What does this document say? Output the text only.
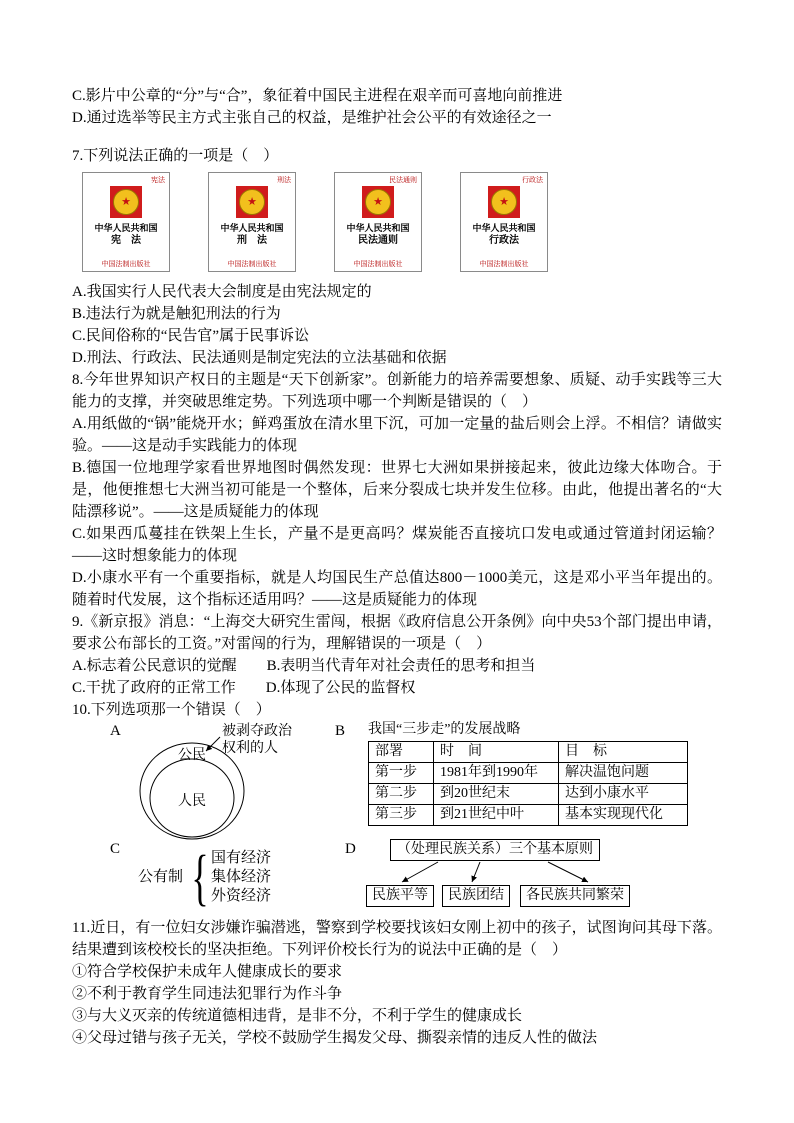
C.影片中公章的“分”与“合”，象征着中国民主进程在艰辛而可喜地向前推进

D.通过选举等民主方式主张自己的权益，是维护社会公平的有效途径之一

7.下列说法正确的一项是（　）

宪法
★
中华人民共和国
宪　法
中国法制出版社
刑法
★
中华人民共和国
刑　法
中国法制出版社
民法通则
★
中华人民共和国
民法通则
中国法制出版社
行政法
★
中华人民共和国
行政法
中国法制出版社

A.我国实行人民代表大会制度是由宪法规定的

B.违法行为就是触犯刑法的行为

C.民间俗称的“民告官”属于民事诉讼

D.刑法、行政法、民法通则是制定宪法的立法基础和依据

8.今年世界知识产权日的主题是“天下创新家”。创新能力的培养需要想象、质疑、动手实践等三大能力的支撑，并突破思维定势。下列选项中哪一个判断是错误的（　）

A.用纸做的“锅”能烧开水；鲜鸡蛋放在清水里下沉，可加一定量的盐后则会上浮。不相信？请做实验。——这是动手实践能力的体现

B.德国一位地理学家看世界地图时偶然发现：世界七大洲如果拼接起来，彼此边缘大体吻合。于是，他便推想七大洲当初可能是一个整体，后来分裂成七块并发生位移。由此，他提出著名的“大陆漂移说”。——这是质疑能力的体现

C.如果西瓜蔓挂在铁架上生长，产量不是更高吗？煤炭能否直接坑口发电或通过管道封闭运输？——这时想象能力的体现

D.小康水平有一个重要指标，就是人均国民生产总值达800－1000美元，这是邓小平当年提出的。随着时代发展，这个指标还适用吗？——这是质疑能力的体现

9.《新京报》消息：“上海交大研究生雷闯，根据《政府信息公开条例》向中央53个部门提出申请，要求公布部长的工资。”对雷闯的行为，理解错误的一项是（　）

A.标志着公民意识的觉醒　　B.表明当代青年对社会责任的思考和担当

C.干扰了政府的正常工作　　D.体现了公民的监督权

10.下列选项那一个错误（　）

A	B
公民
人民
被剥夺政治
权利的人
我国“三步走”的发展战略
部署	时　间	目　标
第一步	1981年到1990年	解决温饱问题
第二步	到20世纪末	达到小康水平
第三步	到21世纪中叶	基本实现现代化
C
公有制 { 国有经济
集体经济
外资经济
D	（处理民族关系）三个基本原则
民族平等	民族团结	各民族共同繁荣

11.近日，有一位妇女涉嫌诈骗潜逃，警察到学校要找该妇女刚上初中的孩子，试图询问其母下落。结果遭到该校校长的坚决拒绝。下列评价校长行为的说法中正确的是（　）

①符合学校保护未成年人健康成长的要求

②不利于教育学生同违法犯罪行为作斗争

③与大义灭亲的传统道德相违背，是非不分，不利于学生的健康成长

④父母过错与孩子无关，学校不鼓励学生揭发父母、撕裂亲情的违反人性的做法
